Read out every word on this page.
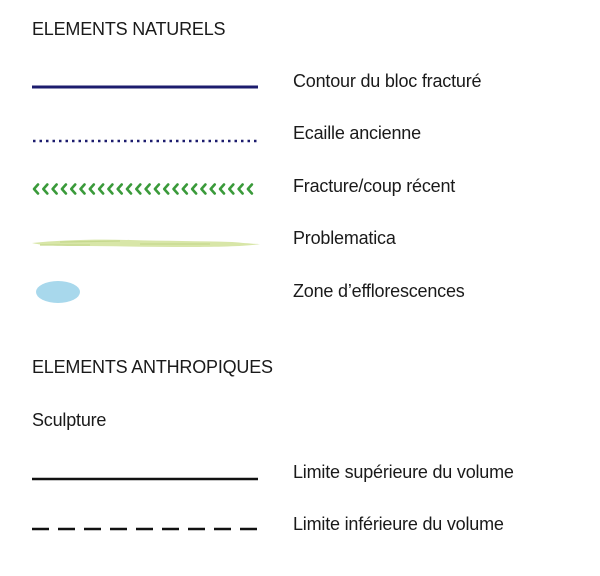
ELEMENTS NATURELS
Contour du bloc fracturé
Ecaille ancienne
Fracture/coup récent
Problematica
Zone d’efflorescences
ELEMENTS ANTHROPIQUES
Sculpture
Limite supérieure du volume
Limite inférieure du volume
